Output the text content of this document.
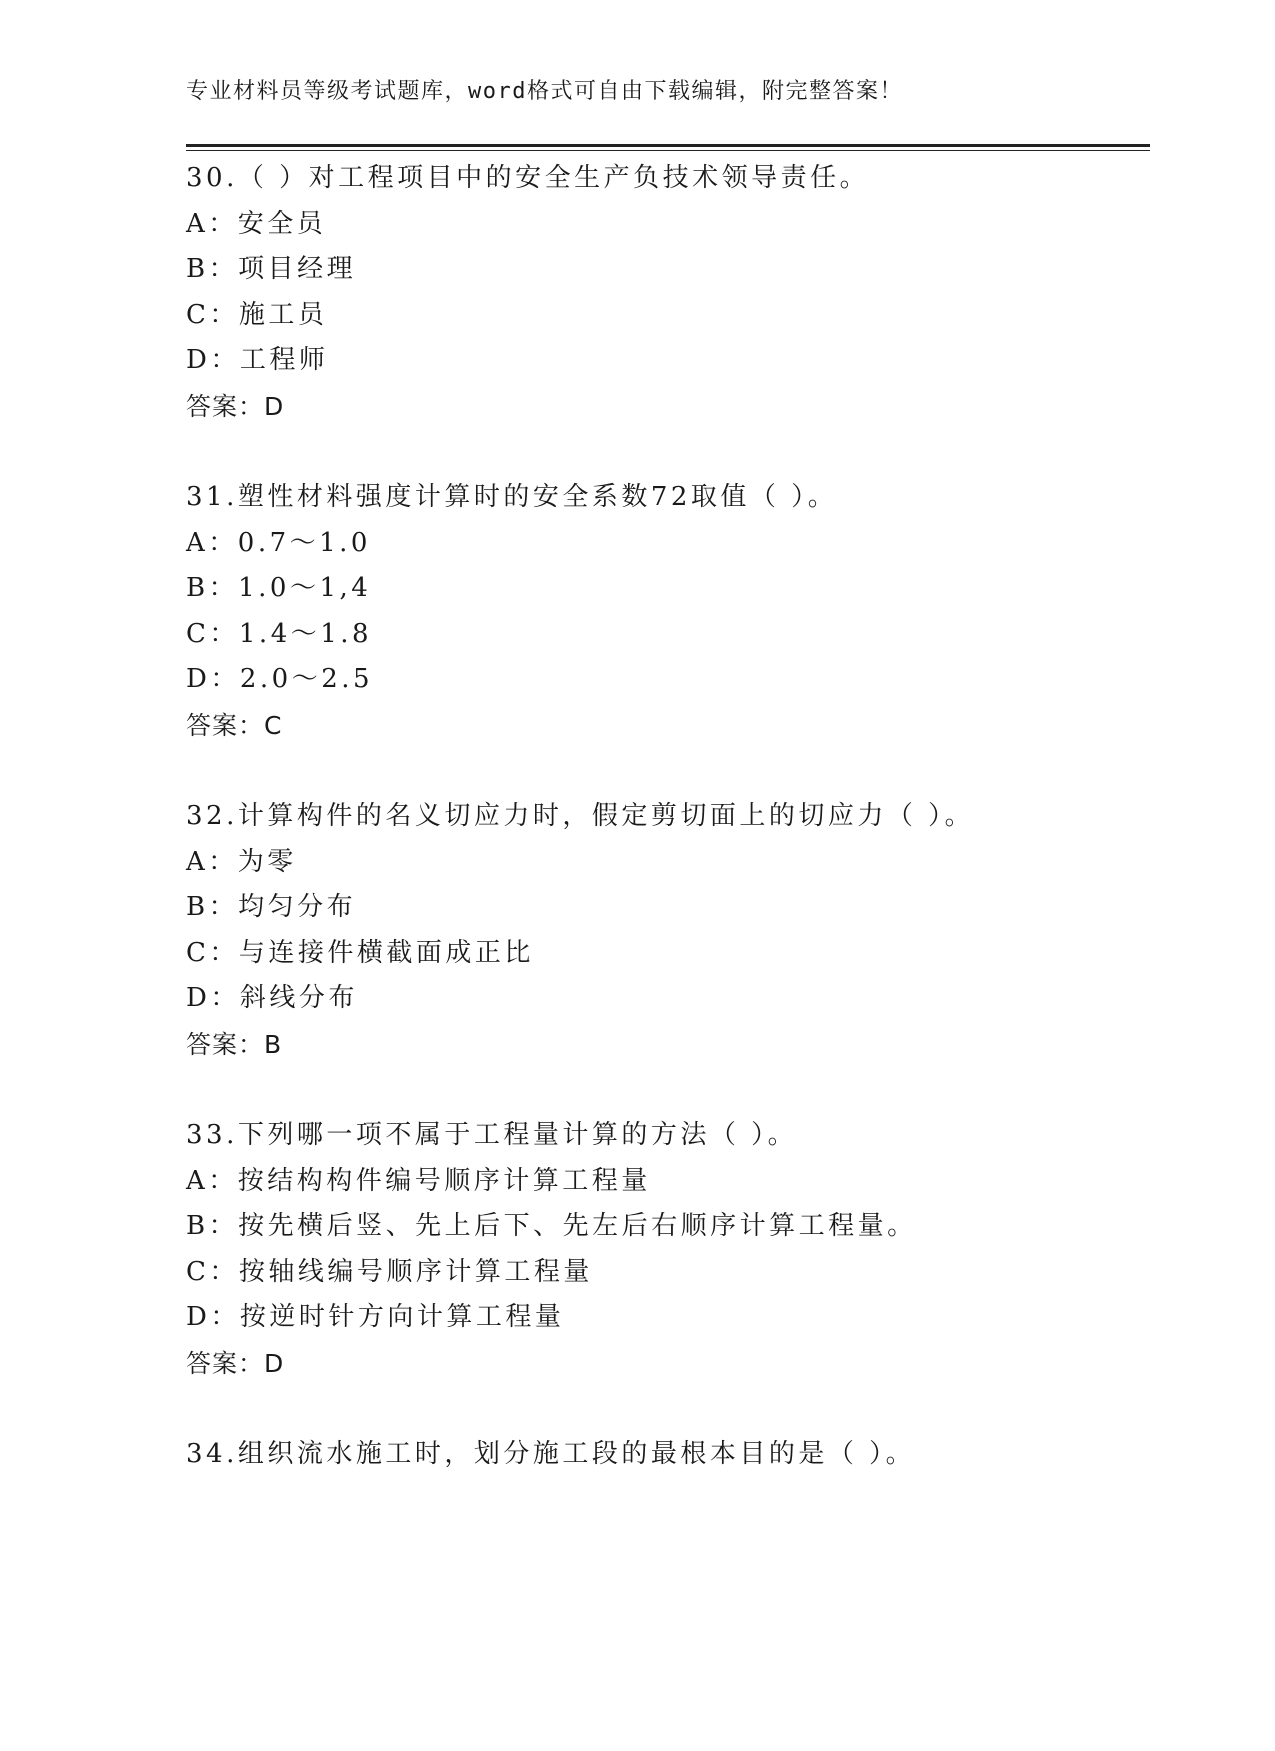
专业材料员等级考试题库，word格式可自由下载编辑，附完整答案！
30.（ ）对工程项目中的安全生产负技术领导责任。
A：安全员
B：项目经理
C：施工员
D：工程师
答案：D
31.塑性材料强度计算时的安全系数72取值（ ）。
A：0.7～1.0
B：1.0～1,4
C：1.4～1.8
D：2.0～2.5
答案：C
32.计算构件的名义切应力时，假定剪切面上的切应力（ ）。
A：为零
B：均匀分布
C：与连接件横截面成正比
D：斜线分布
答案：B
33.下列哪一项不属于工程量计算的方法（ ）。
A：按结构构件编号顺序计算工程量
B：按先横后竖、先上后下、先左后右顺序计算工程量。
C：按轴线编号顺序计算工程量
D：按逆时针方向计算工程量
答案：D
34.组织流水施工时，划分施工段的最根本目的是（ ）。
